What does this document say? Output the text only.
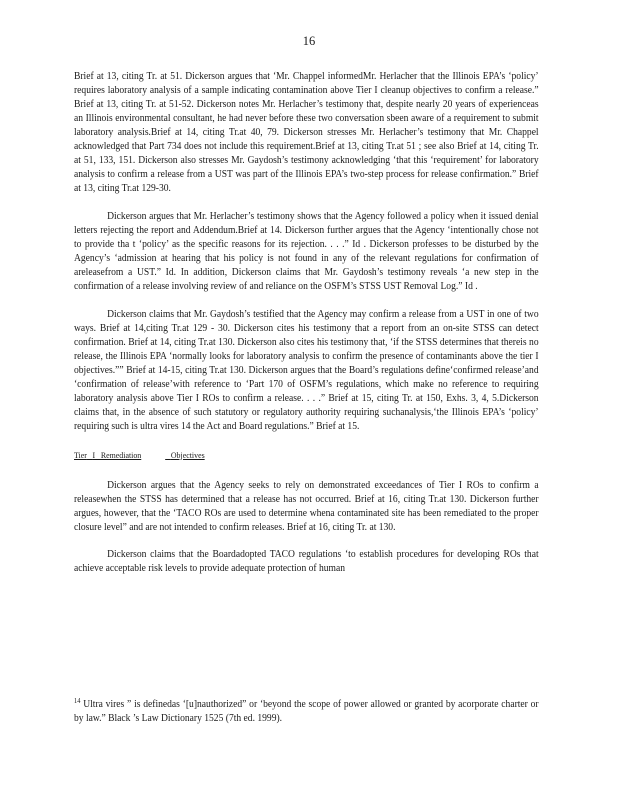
16

Brief at 13, citing Tr. at 51. Dickerson argues that ‘Mr. Chappel informedMr. Herlacher that the Illinois EPA’s ‘policy’ requires laboratory analysis of a sample indicating contamination above Tier I cleanup objectives to confirm a release.” Brief at 13, citing Tr. at 51-52. Dickerson notes Mr. Herlacher’s testimony that, despite nearly 20 years of experienceas an Illinois environmental consultant, he had never before these two conversation sbeen aware of a requirement to submit laboratory analysis.Brief at 14, citing Tr.at 40, 79. Dickerson stresses Mr. Herlacher’s testimony that Mr. Chappel acknowledged that Part 734 does not include this requirement.Brief at 13, citing Tr.at 51 ; see also Brief at 14, citing Tr. at 51, 133, 151. Dickerson also stresses Mr. Gaydosh’s testimony acknowledging ‘that this ‘requirement’ for laboratory analysis to confirm a release from a UST was part of the Illinois EPA’s two-step process for release confirmation.” Brief at 13, citing Tr.at 129-30.

Dickerson argues that Mr. Herlacher’s testimony shows that the Agency followed a policy when it issued denial letters rejecting the report and Addendum.Brief at 14. Dickerson further argues that the Agency ‘intentionally chose not to provide tha t ‘policy’ as the specific reasons for its rejection. . . .” Id . Dickerson professes to be disturbed by the Agency’s ‘admission at hearing that his policy is not found in any of the relevant regulations for confirmation of areleasefrom a UST.” Id. In addition, Dickerson claims that Mr. Gaydosh’s testimony reveals ‘a new step in the confirmation of a release involving review of and reliance on the OSFM’s STSS UST Removal Log.” Id .

Dickerson claims that Mr. Gaydosh’s testified that the Agency may confirm a release from a UST in one of two ways. Brief at 14,citing Tr.at 129 - 30. Dickerson cites his testimony that a report from an on-site STSS can detect confirmation. Brief at 14, citing Tr.at 130. Dickerson also cites his testimony that, ‘if the STSS determines that thereis no release, the Illinois EPA ‘normally looks for laboratory analysis to confirm the presence of contaminants above the tier I objectives.”” Brief at 14-15, citing Tr.at 130. Dickerson argues that the Board’s regulations define‘confirmed release’and ‘confirmation of release’with reference to ‘Part 170 of OSFM’s regulations, which make no reference to requiring laboratory analysis above Tier I ROs to confirm a release. . . .” Brief at 15, citing Tr. at 150, Exhs. 3, 4, 5.Dickerson claims that, in the absence of such statutory or regulatory authority requiring suchanalysis,‘the Illinois EPA’s ‘policy’ requiring such is ultra vires 14 the Act and Board regulations.” Brief at 15.

Tier I Remediation	Objectives

Dickerson argues that the Agency seeks to rely on demonstrated exceedances of Tier I ROs to confirm a releasewhen the STSS has determined that a release has not occurred. Brief at 16, citing Tr.at 130. Dickerson further argues, however, that the ‘TACO ROs are used to determine whena contaminated site has been remediated to the proper closure level” and are not intended to confirm releases. Brief at 16, citing Tr. at 130.

Dickerson claims that the Boardadopted TACO regulations ‘to establish procedures for developing ROs that achieve acceptable risk levels to provide adequate protection of human

$^{14}$ Ultra vires ” is definedas ‘[u]nauthorized” or ‘beyond the scope of power allowed or granted by acorporate charter or by law.” Black ’s Law Dictionary 1525 (7th ed. 1999).
